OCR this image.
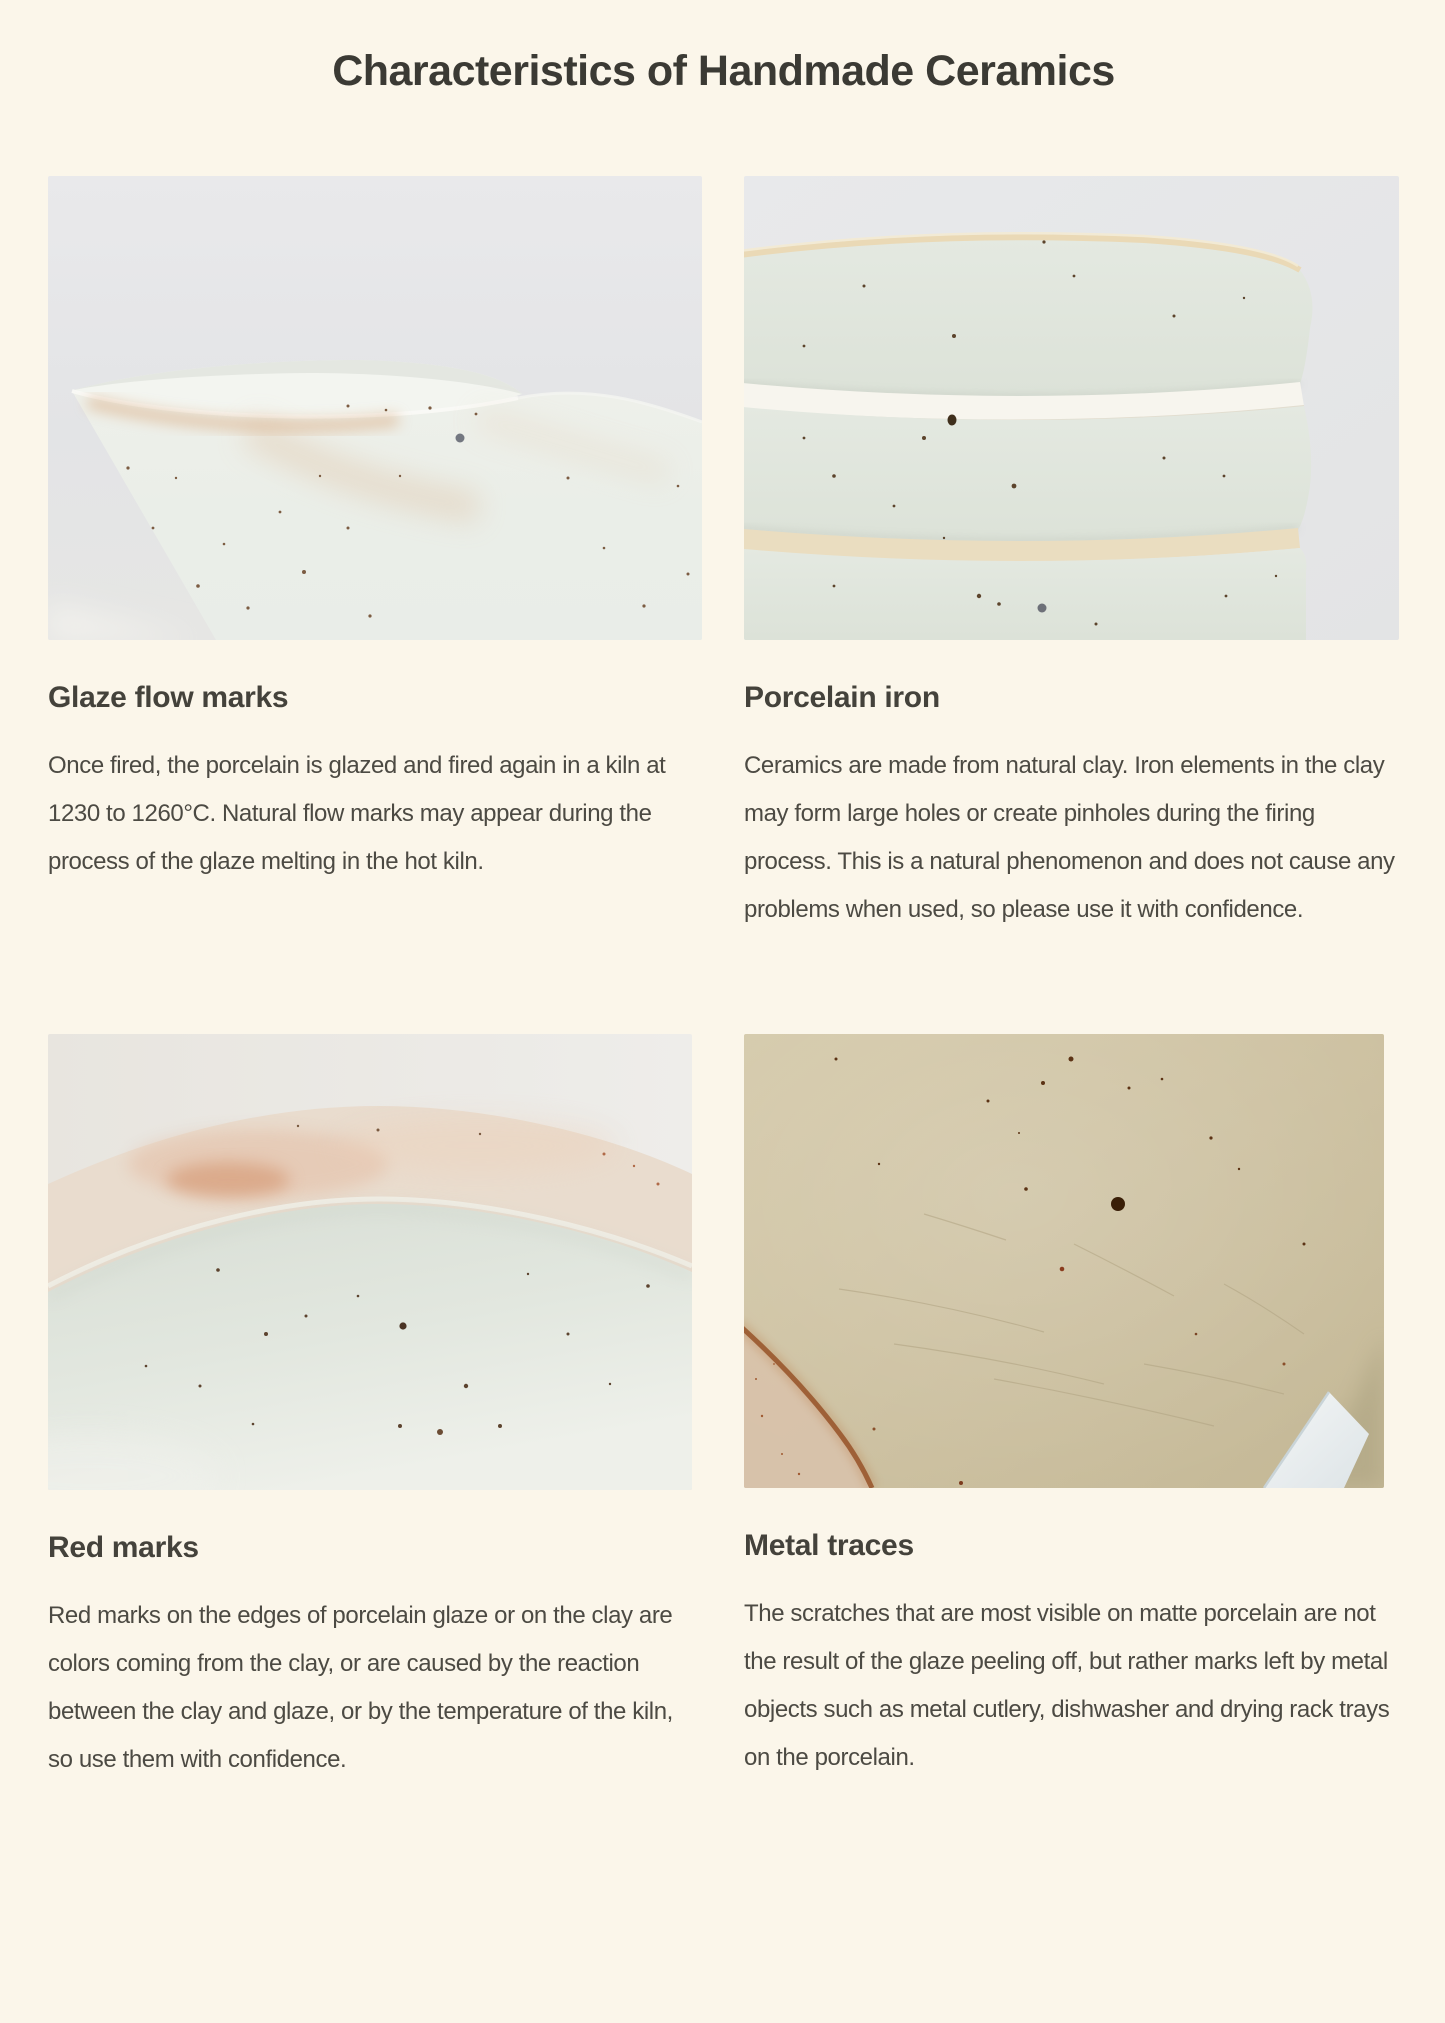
Characteristics of Handmade Ceramics
Glaze flow marks

Once fired, the porcelain is glazed and fired again in a kiln at 1230 to 1260°C. Natural flow marks may appear during the process of the glaze melting in the hot kiln.

Porcelain iron

Ceramics are made from natural clay. Iron elements in the clay may form large holes or create pinholes during the firing process. This is a natural phenomenon and does not cause any problems when used, so please use it with confidence.

Red marks

Red marks on the edges of porcelain glaze or on the clay are colors coming from the clay, or are caused by the reaction between the clay and glaze, or by the temperature of the kiln, so use them with confidence.

Metal traces

The scratches that are most visible on matte porcelain are not the result of the glaze peeling off, but rather marks left by metal objects such as metal cutlery, dishwasher and drying rack trays on the porcelain.
